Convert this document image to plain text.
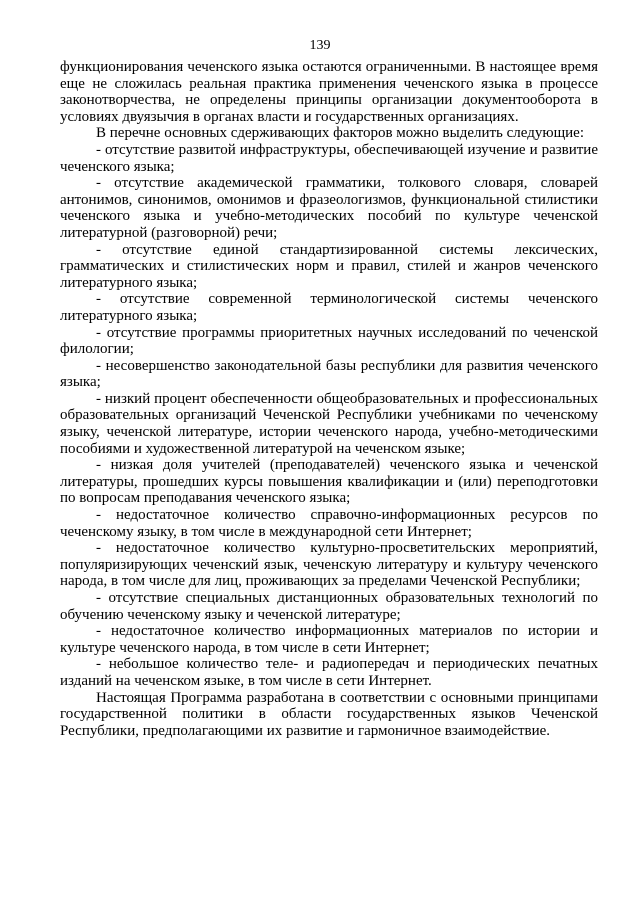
139

функционирования чеченского языка остаются ограниченными. В настоящее время еще не сложилась реальная практика применения чеченского языка в процессе законотворчества, не определены принципы организации документооборота в условиях двуязычия в органах власти и государственных организациях.

В перечне основных сдерживающих факторов можно выделить следующие:

- отсутствие развитой инфраструктуры, обеспечивающей изучение и развитие чеченского языка;

- отсутствие академической грамматики, толкового словаря, словарей антонимов, синонимов, омонимов и фразеологизмов, функциональной стилистики чеченского языка и учебно-методических пособий по культуре чеченской литературной (разговорной) речи;

- отсутствие единой стандартизированной системы лексических, грамматических и стилистических норм и правил, стилей и жанров чеченского литературного языка;

- отсутствие современной терминологической системы чеченского литературного языка;

- отсутствие программы приоритетных научных исследований по чеченской филологии;

- несовершенство законодательной базы республики для развития чеченского языка;

- низкий процент обеспеченности общеобразовательных и профессиональных образовательных организаций Чеченской Республики учебниками по чеченскому языку, чеченской литературе, истории чеченского народа, учебно-методическими пособиями и художественной литературой на чеченском языке;

- низкая доля учителей (преподавателей) чеченского языка и чеченской литературы, прошедших курсы повышения квалификации и (или) переподготовки по вопросам преподавания чеченского языка;

- недостаточное количество справочно-информационных ресурсов по чеченскому языку, в том числе в международной сети Интернет;

- недостаточное количество культурно-просветительских мероприятий, популяризирующих чеченский язык, чеченскую литературу и культуру чеченского народа, в том числе для лиц, проживающих за пределами Чеченской Республики;

- отсутствие специальных дистанционных образовательных технологий по обучению чеченскому языку и чеченской литературе;

- недостаточное количество информационных материалов по истории и культуре чеченского народа, в том числе в сети Интернет;

- небольшое количество теле- и радиопередач и периодических печатных изданий на чеченском языке, в том числе в сети Интернет.

Настоящая Программа разработана в соответствии с основными принципами государственной политики в области государственных языков Чеченской Республики, предполагающими их развитие и гармоничное взаимодействие.
